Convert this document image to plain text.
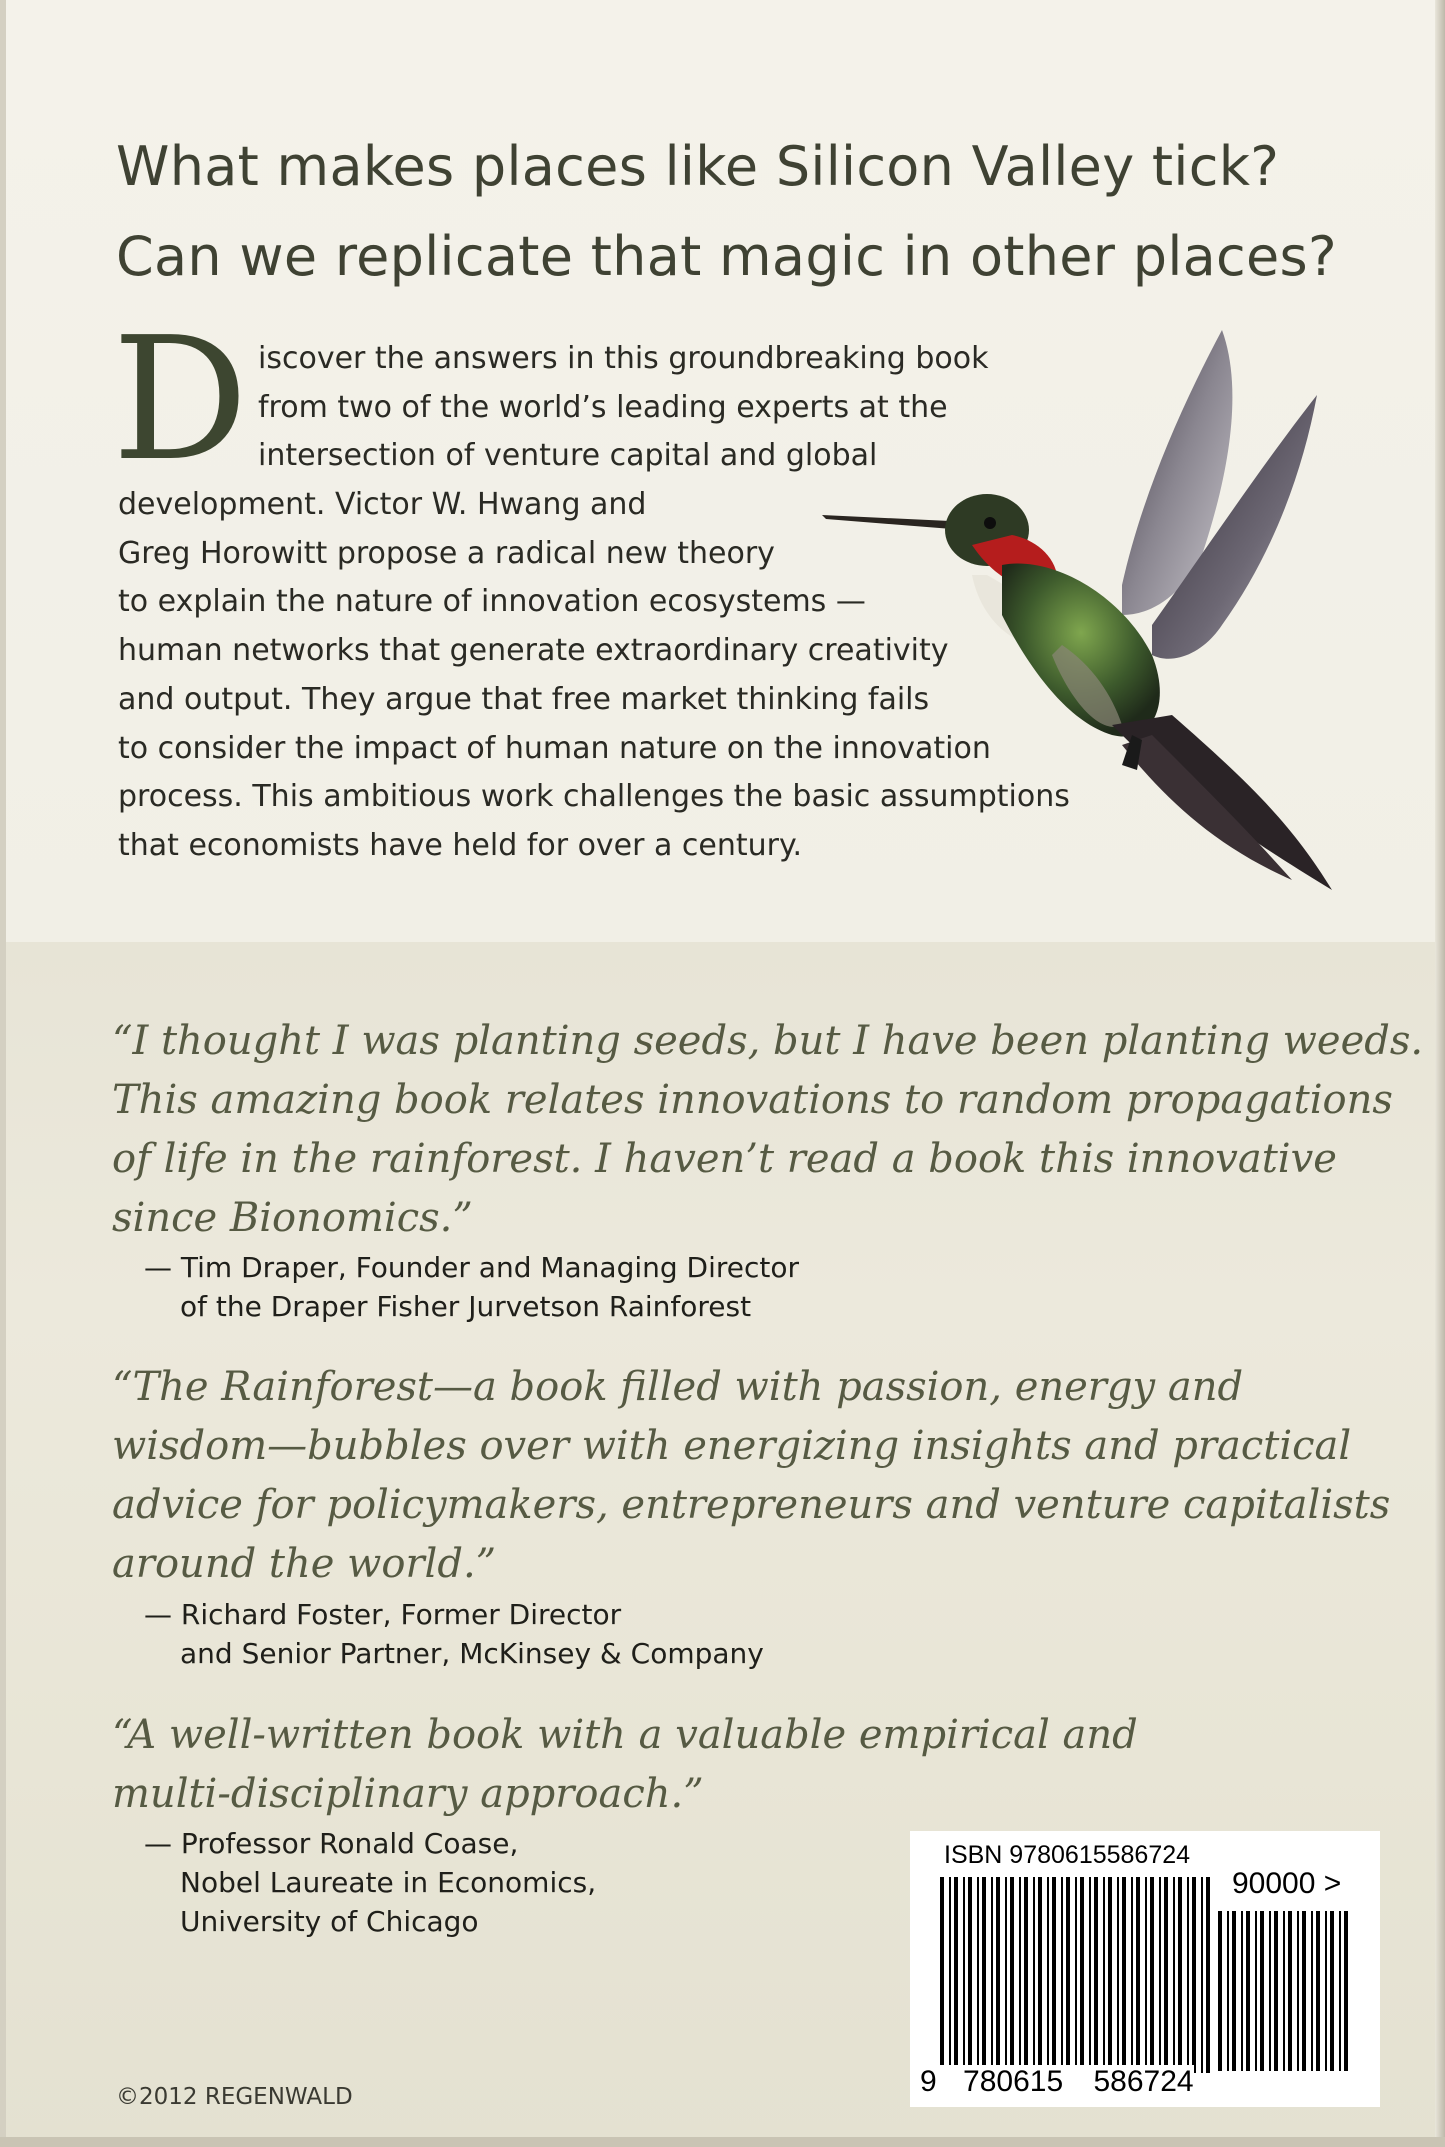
What makes places like Silicon Valley tick?
Can we replicate that magic in other places?
D iscover the answers in this groundbreaking book
from two of the world’s leading experts at the
intersection of venture capital and global
development. Victor W. Hwang and
Greg Horowitt propose a radical new theory
to explain the nature of innovation ecosystems —
human networks that generate extraordinary creativity
and output. They argue that free market thinking fails
to consider the impact of human nature on the innovation
process. This ambitious work challenges the basic assumptions
that economists have held for over a century.
“I thought I was planting seeds, but I have been planting weeds.
This amazing book relates innovations to random propagations
of life in the rainforest. I haven’t read a book this innovative
since Bionomics.”
— Tim Draper, Founder and Managing Director
of the Draper Fisher Jurvetson Rainforest
“The Rainforest—a book filled with passion, energy and
wisdom—bubbles over with energizing insights and practical
advice for policymakers, entrepreneurs and venture capitalists
around the world.”
— Richard Foster, Former Director
and Senior Partner, McKinsey & Company
“A well-written book with a valuable empirical and
multi-disciplinary approach.”
— Professor Ronald Coase,
Nobel Laureate in Economics,
University of Chicago
©2012 REGENWALD
ISBN 9780615586724
90000 >
9 780615 586724
